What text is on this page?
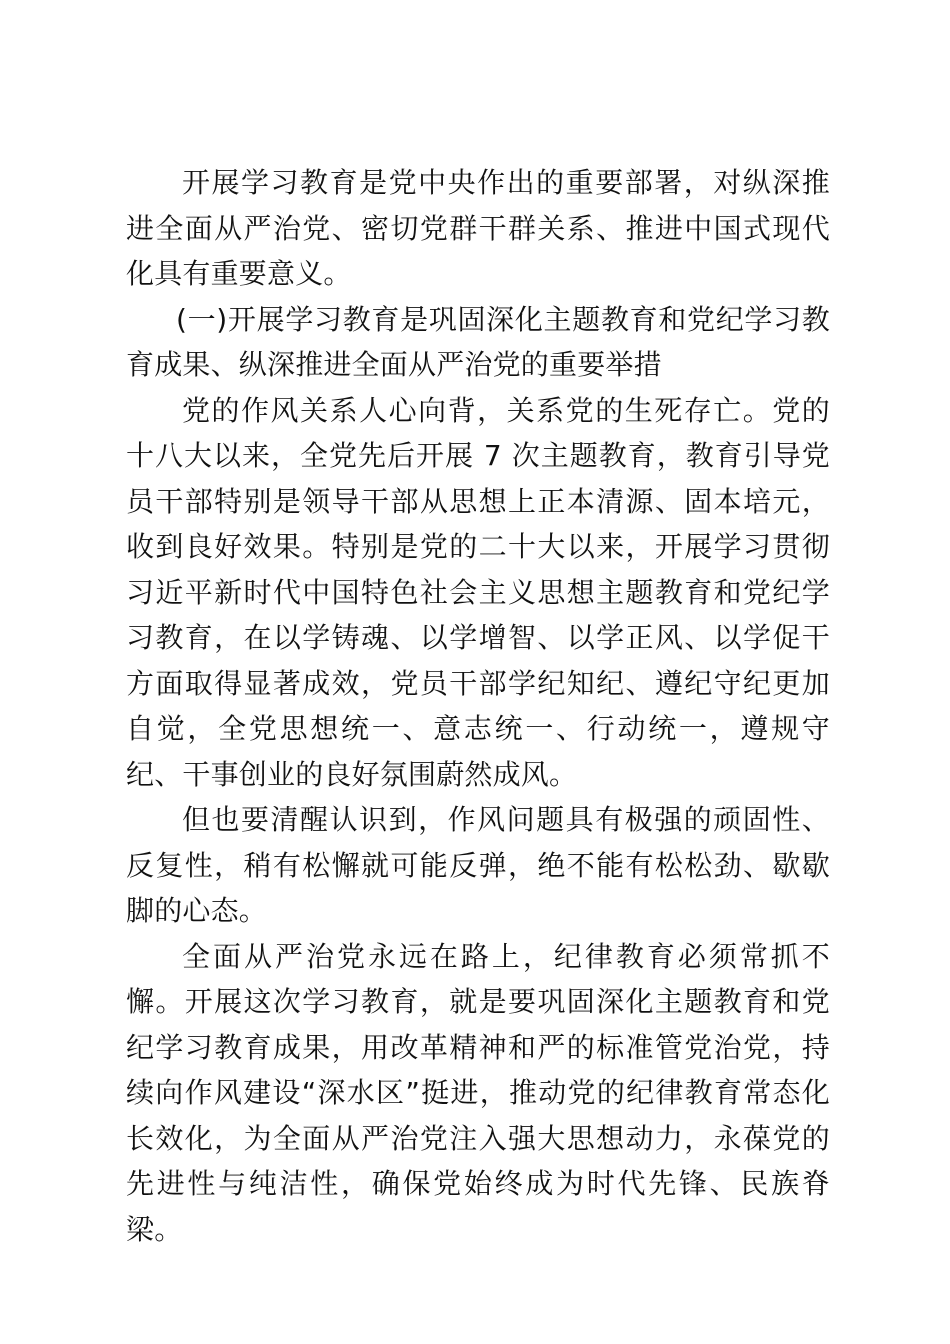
开展学习教育是党中央作出的重要部署，对纵深推进全面从严治党、密切党群干群关系、推进中国式现代化具有重要意义。

(一)开展学习教育是巩固深化主题教育和党纪学习教育成果、纵深推进全面从严治党的重要举措

党的作风关系人心向背，关系党的生死存亡。党的十八大以来，全党先后开展 7 次主题教育，教育引导党员干部特别是领导干部从思想上正本清源、固本培元，收到良好效果。特别是党的二十大以来，开展学习贯彻习近平新时代中国特色社会主义思想主题教育和党纪学习教育，在以学铸魂、以学增智、以学正风、以学促干方面取得显著成效，党员干部学纪知纪、遵纪守纪更加自觉，全党思想统一、意志统一、行动统一，遵规守纪、干事创业的良好氛围蔚然成风。

但也要清醒认识到，作风问题具有极强的顽固性、反复性，稍有松懈就可能反弹，绝不能有松松劲、歇歇脚的心态。

全面从严治党永远在路上，纪律教育必须常抓不懈。开展这次学习教育，就是要巩固深化主题教育和党纪学习教育成果，用改革精神和严的标准管党治党，持续向作风建设“深水区”挺进，推动党的纪律教育常态化长效化，为全面从严治党注入强大思想动力，永葆党的先进性与纯洁性，确保党始终成为时代先锋、民族脊梁。
